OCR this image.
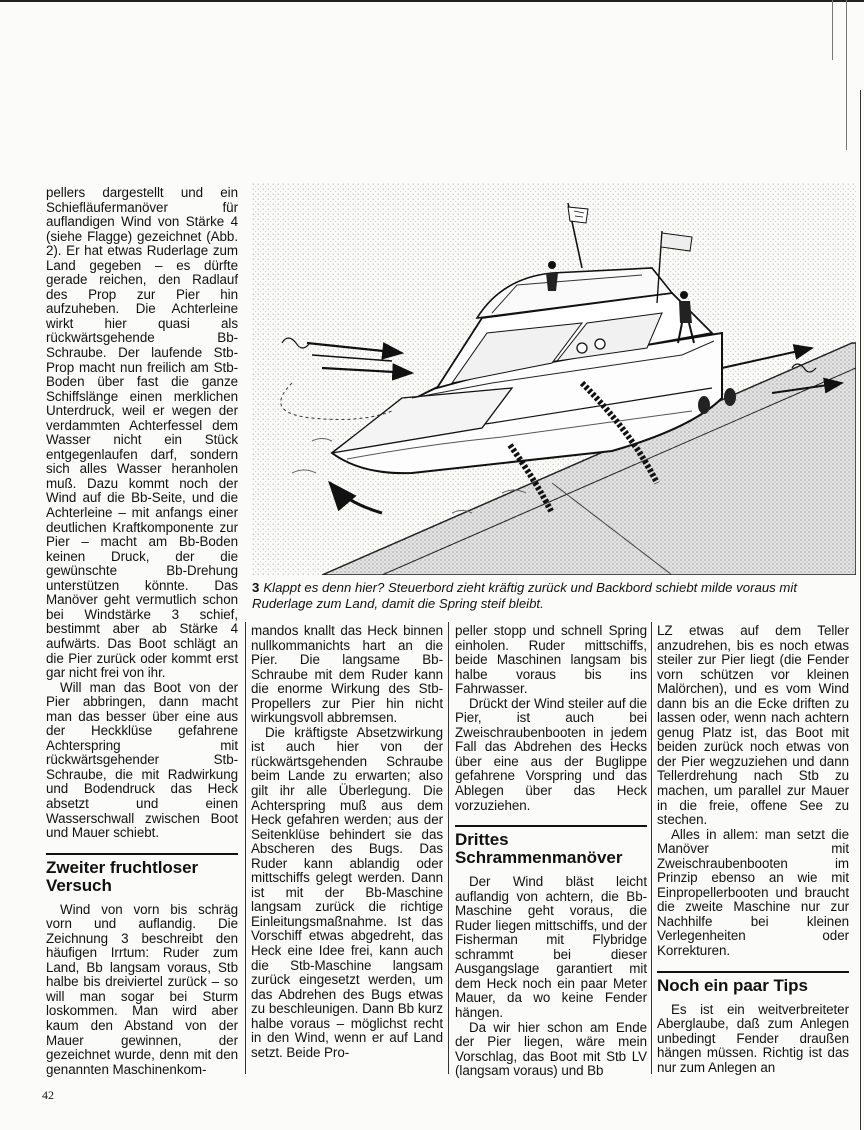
3 Klappt es denn hier? Steuerbord zieht kräftig zurück und Backbord schiebt milde voraus mit Ruderlage zum Land, damit die Spring steif bleibt.

pellers dargestellt und ein Schiefläufermanöver für auflandigen Wind von Stärke 4 (siehe Flagge) gezeichnet (Abb. 2). Er hat etwas Ruderlage zum Land gegeben – es dürfte gerade reichen, den Radlauf des Prop zur Pier hin aufzuheben. Die Achterleine wirkt hier quasi als rückwärtsgehende Bb-Schraube. Der laufende Stb-Prop macht nun freilich am Stb-Boden über fast die ganze Schiffslänge einen merklichen Unterdruck, weil er wegen der verdammten Achterfessel dem Wasser nicht ein Stück entgegenlaufen darf, sondern sich alles Wasser heranholen muß. Dazu kommt noch der Wind auf die Bb-Seite, und die Achterleine – mit anfangs einer deutlichen Kraftkomponente zur Pier – macht am Bb-Boden keinen Druck, der die gewünschte Bb-Drehung unterstützen könnte. Das Manöver geht vermutlich schon bei Windstärke 3 schief, bestimmt aber ab Stärke 4 aufwärts. Das Boot schlägt an die Pier zurück oder kommt erst gar nicht frei von ihr.

Will man das Boot von der Pier abbringen, dann macht man das besser über eine aus der Heckklüse gefahrene Achterspring mit rückwärtsgehender Stb-Schraube, die mit Radwirkung und Bodendruck das Heck absetzt und einen Wasserschwall zwischen Boot und Mauer schiebt.

Zweiter fruchtloser Versuch

Wind von vorn bis schräg vorn und auflandig. Die Zeichnung 3 beschreibt den häufigen Irrtum: Ruder zum Land, Bb langsam voraus, Stb halbe bis dreiviertel zurück – so will man sogar bei Sturm loskommen. Man wird aber kaum den Abstand von der Mauer gewinnen, der gezeichnet wurde, denn mit den genannten Maschinenkom-

mandos knallt das Heck binnen nullkommanichts hart an die Pier. Die langsame Bb-Schraube mit dem Ruder kann die enorme Wirkung des Stb-Propellers zur Pier hin nicht wirkungsvoll abbremsen.

Die kräftigste Absetzwirkung ist auch hier von der rückwärtsgehenden Schraube beim Lande zu erwarten; also gilt ihr alle Überlegung. Die Achterspring muß aus dem Heck gefahren werden; aus der Seitenklüse behindert sie das Abscheren des Bugs. Das Ruder kann ablandig oder mittschiffs gelegt werden. Dann ist mit der Bb-Maschine langsam zurück die richtige Einleitungsmaßnahme. Ist das Vorschiff etwas abgedreht, das Heck eine Idee frei, kann auch die Stb-Maschine langsam zurück eingesetzt werden, um das Abdrehen des Bugs etwas zu beschleunigen. Dann Bb kurz halbe voraus – möglichst recht in den Wind, wenn er auf Land setzt. Beide Pro-

peller stopp und schnell Spring einholen. Ruder mittschiffs, beide Maschinen langsam bis halbe voraus bis ins Fahrwasser.

Drückt der Wind steiler auf die Pier, ist auch bei Zweischraubenbooten in jedem Fall das Abdrehen des Hecks über eine aus der Buglippe gefahrene Vorspring und das Ablegen über das Heck vorzuziehen.

Drittes Schrammenmanöver

Der Wind bläst leicht auflandig von achtern, die Bb-Maschine geht voraus, die Ruder liegen mittschiffs, und der Fisherman mit Flybridge schrammt bei dieser Ausgangslage garantiert mit dem Heck noch ein paar Meter Mauer, da wo keine Fender hängen.

Da wir hier schon am Ende der Pier liegen, wäre mein Vorschlag, das Boot mit Stb LV (langsam voraus) und Bb

LZ etwas auf dem Teller anzudrehen, bis es noch etwas steiler zur Pier liegt (die Fender vorn schützen vor kleinen Malörchen), und es vom Wind dann bis an die Ecke driften zu lassen oder, wenn nach achtern genug Platz ist, das Boot mit beiden zurück noch etwas von der Pier wegzuziehen und dann Tellerdrehung nach Stb zu machen, um parallel zur Mauer in die freie, offene See zu stechen.

Alles in allem: man setzt die Manöver mit Zweischraubenbooten im Prinzip ebenso an wie mit Einpropellerbooten und braucht die zweite Maschine nur zur Nachhilfe bei kleinen Verlegenheiten oder Korrekturen.

Noch ein paar Tips

Es ist ein weitverbreiteter Aberglaube, daß zum Anlegen unbedingt Fender draußen hängen müssen. Richtig ist das nur zum Anlegen an

42
